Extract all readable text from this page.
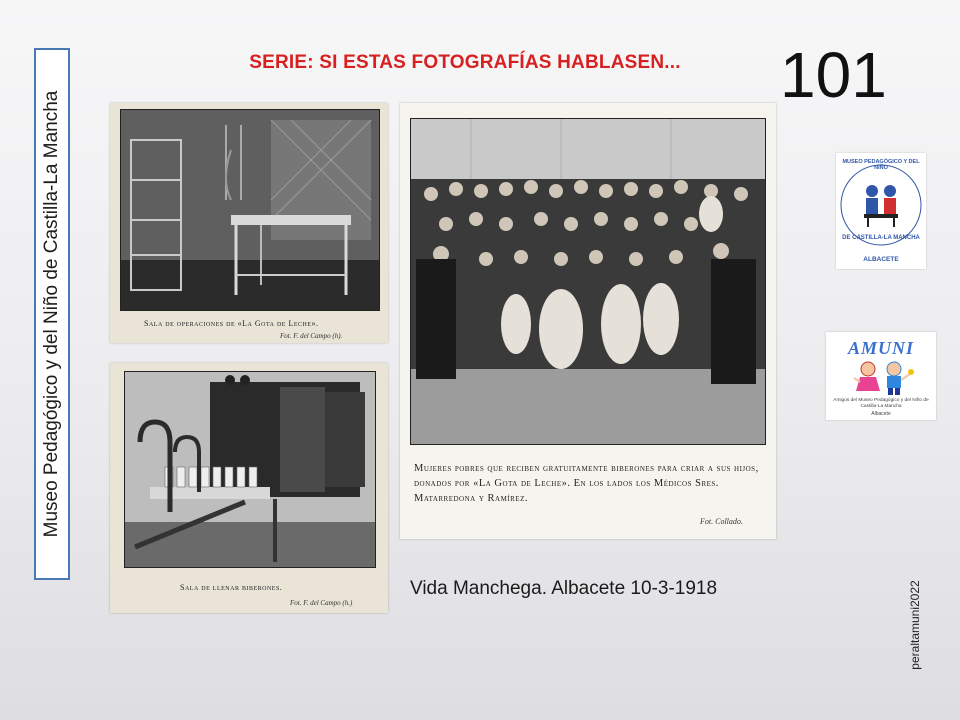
Museo Pedagógico y del Niño de Castilla-La Mancha
SERIE: SI ESTAS FOTOGRAFÍAS HABLASEN...	101
Sala de operaciones de «La Gota de Leche».
Fot. F. del Campo (h).
Sala de llenar biberones.
Fot. F. del Campo (h.)
Mujeres pobres que reciben gratuitamente biberones para criar a sus hijos, donados por «La Gota de Leche». En los lados los Médicos Sres. Matarredona y Ramírez.
Fot. Collado.
MUSEO PEDAGÓGICO Y DEL NIÑO
DE CASTILLA-LA MANCHA
ALBACETE
AMUNI
Amigos del Museo Pedagógico y del Niño de Castilla-La Mancha
Albacete
Vida Manchega. Albacete 10-3-1918	peraltamuni2022
